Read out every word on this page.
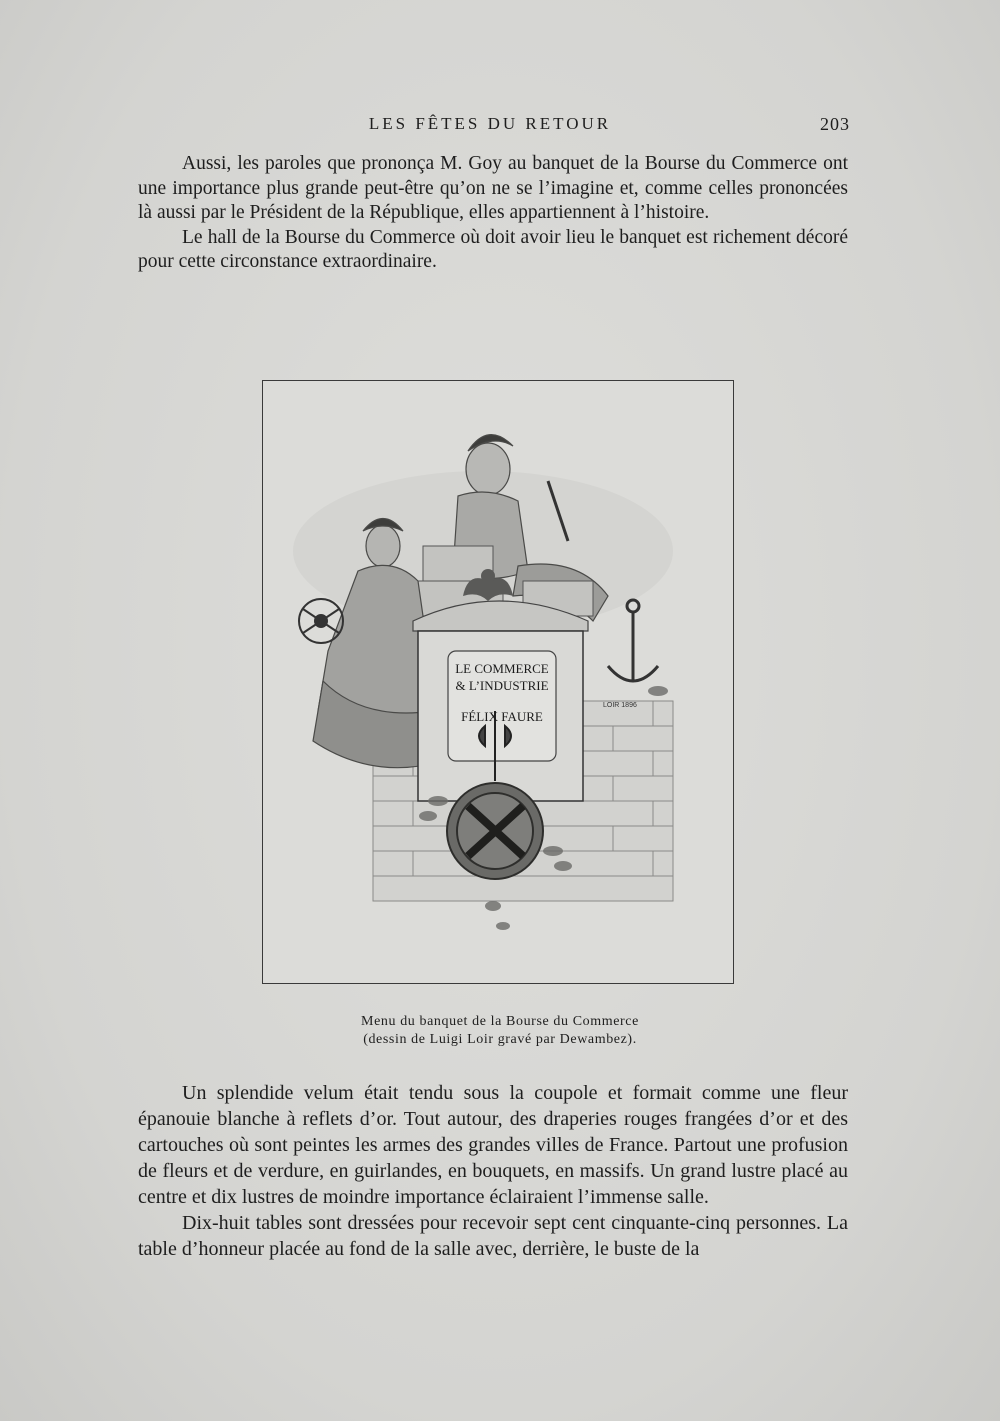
LES FÊTES DU RETOUR	203

Aussi, les paroles que prononça M. Goy au banquet de la Bourse du Commerce ont une importance plus grande peut-être qu’on ne se l’imagine et, comme celles prononcées là aussi par le Président de la République, elles appartiennent à l’histoire.

Le hall de la Bourse du Commerce où doit avoir lieu le banquet est richement décoré pour cette circonstance extraordinaire.

LE COMMERCE
& L’INDUSTRIE
FÉLIX FAURE
LOIR 1896
Menu du banquet de la Bourse du Commerce
(dessin de Luigi Loir gravé par Dewambez).

Un splendide velum était tendu sous la coupole et formait comme une fleur épanouie blanche à reflets d’or. Tout autour, des draperies rouges frangées d’or et des cartouches où sont peintes les armes des grandes villes de France. Partout une profusion de fleurs et de verdure, en guirlandes, en bouquets, en massifs. Un grand lustre placé au centre et dix lustres de moindre importance éclairaient l’immense salle.

Dix-huit tables sont dressées pour recevoir sept cent cinquante-cinq personnes. La table d’honneur placée au fond de la salle avec, derrière, le buste de la
